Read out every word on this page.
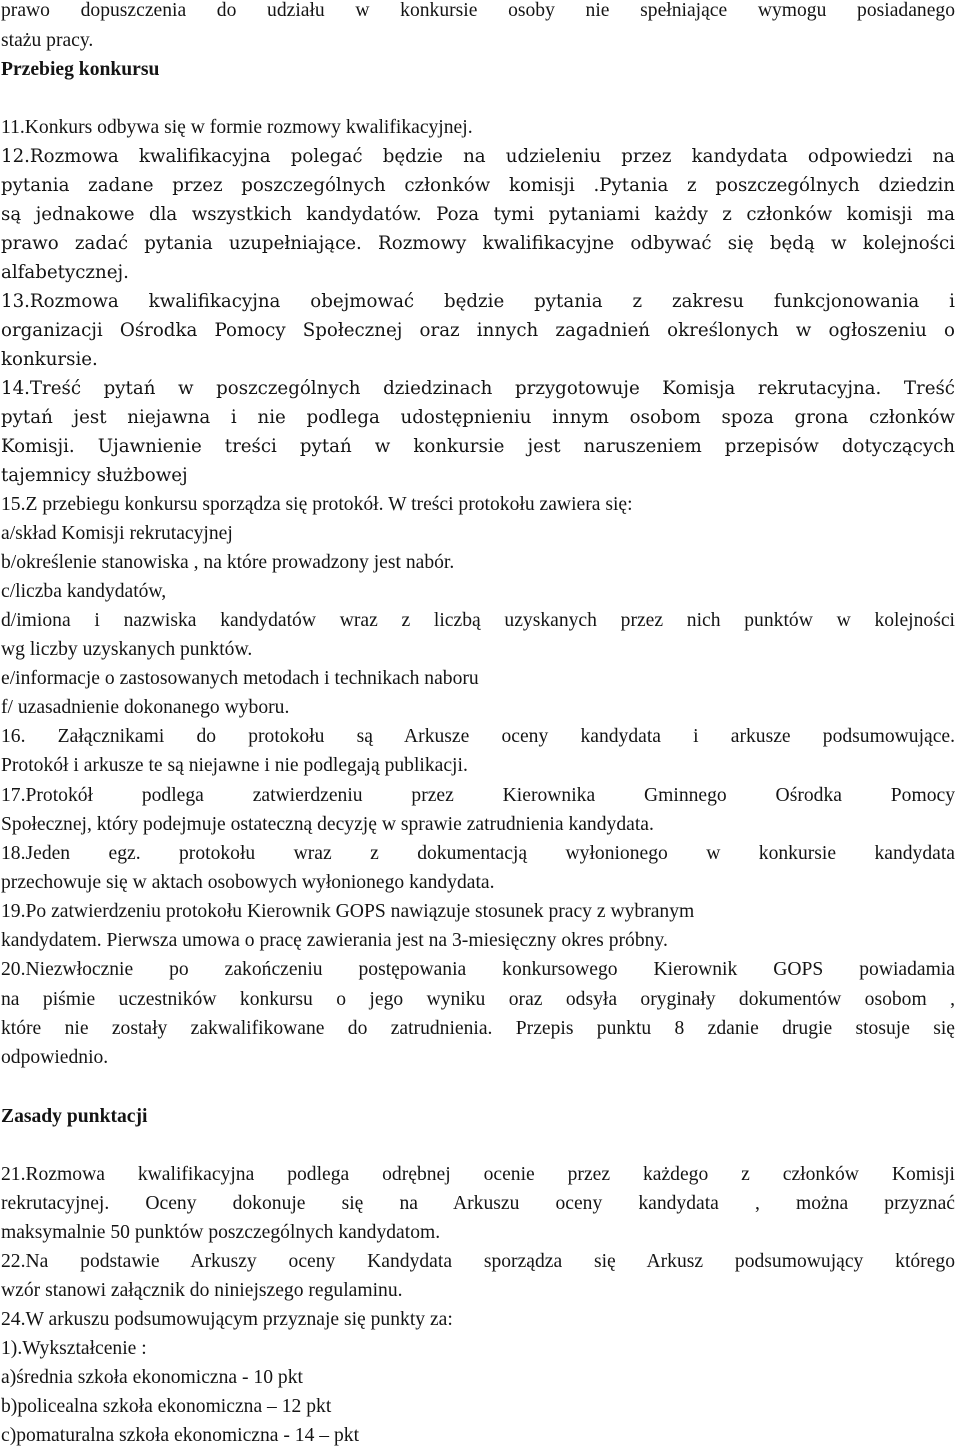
prawo dopuszczenia do udziału w konkursie osoby nie spełniające wymogu posiadanego
stażu pracy.
Przebieg konkursu
11.Konkurs odbywa się w formie rozmowy kwalifikacyjnej.
12.Rozmowa kwalifikacyjna polegać będzie na udzieleniu przez kandydata odpowiedzi na
pytania zadane przez poszczególnych członków komisji .Pytania z poszczególnych dziedzin
są jednakowe dla wszystkich kandydatów. Poza tymi pytaniami każdy z członków komisji ma
prawo zadać pytania uzupełniające. Rozmowy kwalifikacyjne odbywać się będą w kolejności
alfabetycznej.
13.Rozmowa kwalifikacyjna obejmować będzie pytania z zakresu funkcjonowania i
organizacji Ośrodka Pomocy Społecznej oraz innych zagadnień określonych w ogłoszeniu o
konkursie.
14.Treść pytań w poszczególnych dziedzinach przygotowuje Komisja rekrutacyjna. Treść
pytań jest niejawna i nie podlega udostępnieniu innym osobom spoza grona członków
Komisji. Ujawnienie treści pytań w konkursie jest naruszeniem przepisów dotyczących
tajemnicy służbowej
15.Z przebiegu konkursu sporządza się protokół. W treści protokołu zawiera się:
a/skład Komisji rekrutacyjnej
b/określenie stanowiska , na które prowadzony jest nabór.
c/liczba kandydatów,
d/imiona i nazwiska kandydatów wraz z liczbą uzyskanych przez nich punktów w kolejności
wg liczby uzyskanych punktów.
e/informacje o zastosowanych metodach i technikach naboru
f/ uzasadnienie dokonanego wyboru.
16. Załącznikami do protokołu są Arkusze oceny kandydata i arkusze podsumowujące.
Protokół i arkusze te są niejawne i nie podlegają publikacji.
17.Protokół podlega zatwierdzeniu przez Kierownika Gminnego Ośrodka Pomocy
Społecznej, który podejmuje ostateczną decyzję w sprawie zatrudnienia kandydata.
18.Jeden egz. protokołu wraz z dokumentacją wyłonionego w konkursie kandydata
przechowuje się w aktach osobowych wyłonionego kandydata.
19.Po zatwierdzeniu protokołu Kierownik GOPS nawiązuje stosunek pracy z wybranym
kandydatem. Pierwsza umowa o pracę zawierania jest na 3-miesięczny okres próbny.
20.Niezwłocznie po zakończeniu postępowania konkursowego Kierownik GOPS powiadamia
na piśmie uczestników konkursu o jego wyniku oraz odsyła oryginały dokumentów osobom ,
które nie zostały zakwalifikowane do zatrudnienia. Przepis punktu 8 zdanie drugie stosuje się
odpowiednio.
Zasady punktacji
21.Rozmowa kwalifikacyjna podlega odrębnej ocenie przez każdego z członków Komisji
rekrutacyjnej. Oceny dokonuje się na Arkuszu oceny kandydata , można przyznać
maksymalnie 50 punktów poszczególnych kandydatom.
22.Na podstawie Arkuszy oceny Kandydata sporządza się Arkusz podsumowujący którego
wzór stanowi załącznik do niniejszego regulaminu.
24.W arkuszu podsumowującym przyznaje się punkty za:
1).Wykształcenie :
a)średnia szkoła ekonomiczna - 10 pkt
b)policealna szkoła ekonomiczna – 12 pkt
c)pomaturalna szkoła ekonomiczna - 14 – pkt
